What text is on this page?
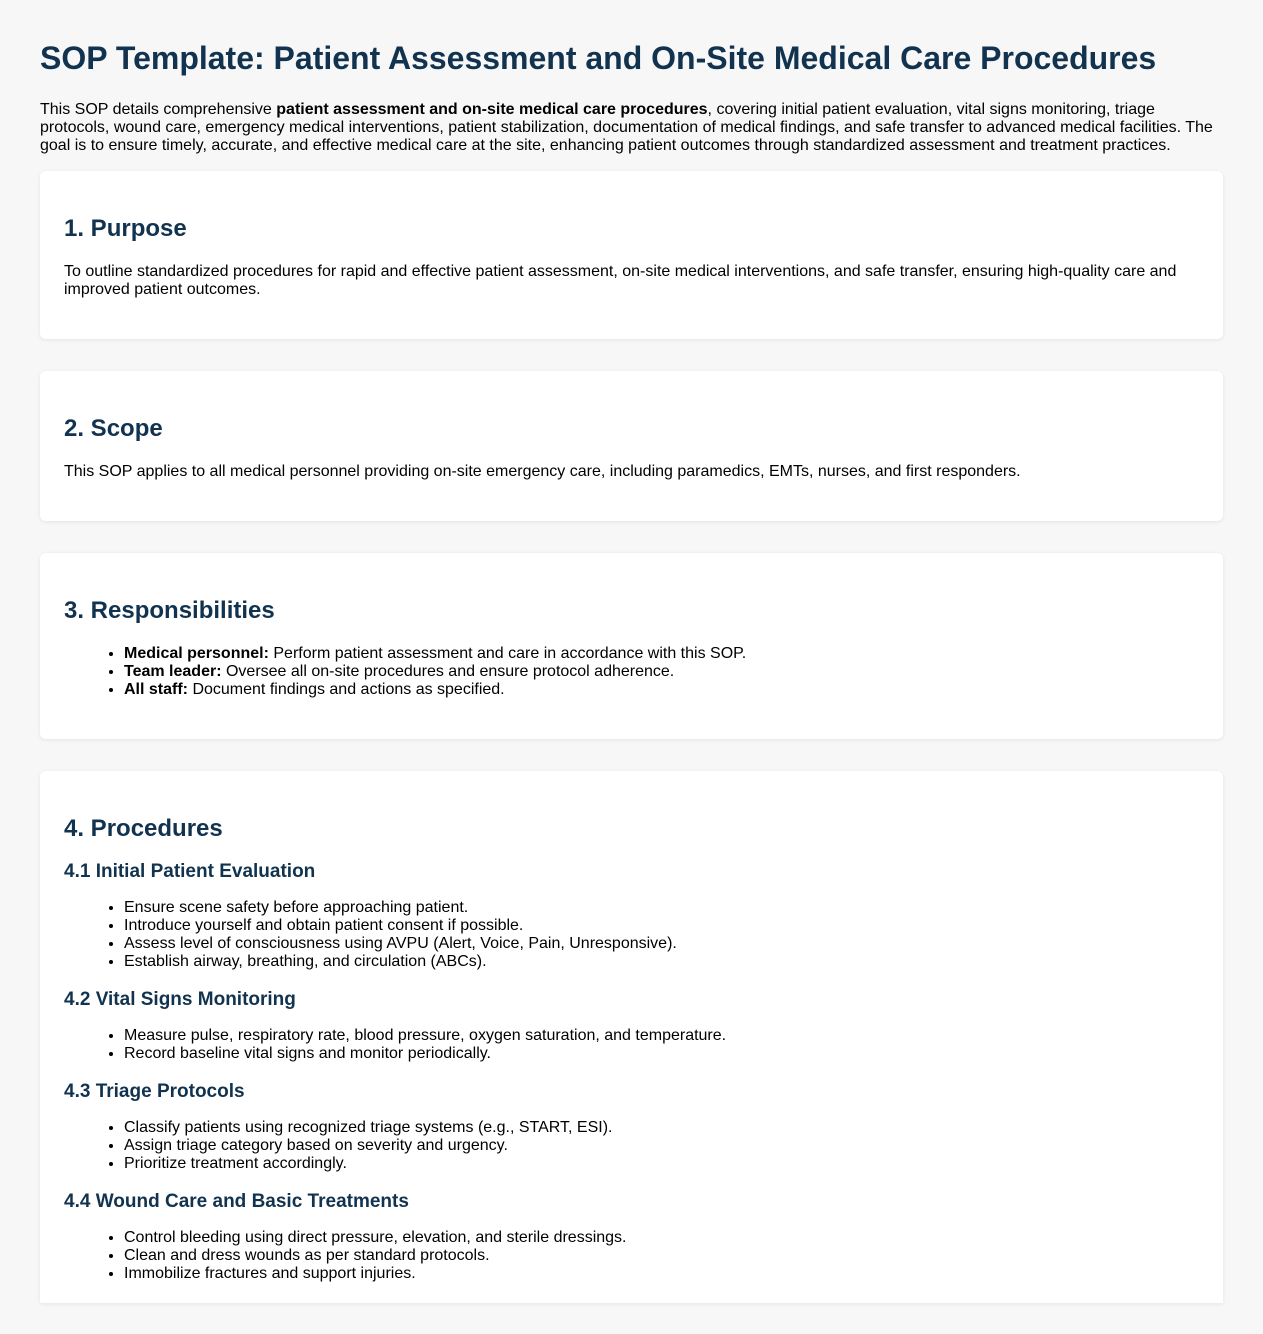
SOP Template: Patient Assessment and On-Site Medical Care Procedures

This SOP details comprehensive patient assessment and on-site medical care procedures, covering initial patient evaluation, vital signs monitoring, triage protocols, wound care, emergency medical interventions, patient stabilization, documentation of medical findings, and safe transfer to advanced medical facilities. The goal is to ensure timely, accurate, and effective medical care at the site, enhancing patient outcomes through standardized assessment and treatment practices.

1. Purpose

To outline standardized procedures for rapid and effective patient assessment, on-site medical interventions, and safe transfer, ensuring high-quality care and improved patient outcomes.

2. Scope

This SOP applies to all medical personnel providing on-site emergency care, including paramedics, EMTs, nurses, and first responders.

3. Responsibilities
• Medical personnel: Perform patient assessment and care in accordance with this SOP.
• Team leader: Oversee all on-site procedures and ensure protocol adherence.
• All staff: Document findings and actions as specified.
4. Procedures
4.1 Initial Patient Evaluation
• Ensure scene safety before approaching patient.
• Introduce yourself and obtain patient consent if possible.
• Assess level of consciousness using AVPU (Alert, Voice, Pain, Unresponsive).
• Establish airway, breathing, and circulation (ABCs).
4.2 Vital Signs Monitoring
• Measure pulse, respiratory rate, blood pressure, oxygen saturation, and temperature.
• Record baseline vital signs and monitor periodically.
4.3 Triage Protocols
• Classify patients using recognized triage systems (e.g., START, ESI).
• Assign triage category based on severity and urgency.
• Prioritize treatment accordingly.
4.4 Wound Care and Basic Treatments
• Control bleeding using direct pressure, elevation, and sterile dressings.
• Clean and dress wounds as per standard protocols.
• Immobilize fractures and support injuries.
